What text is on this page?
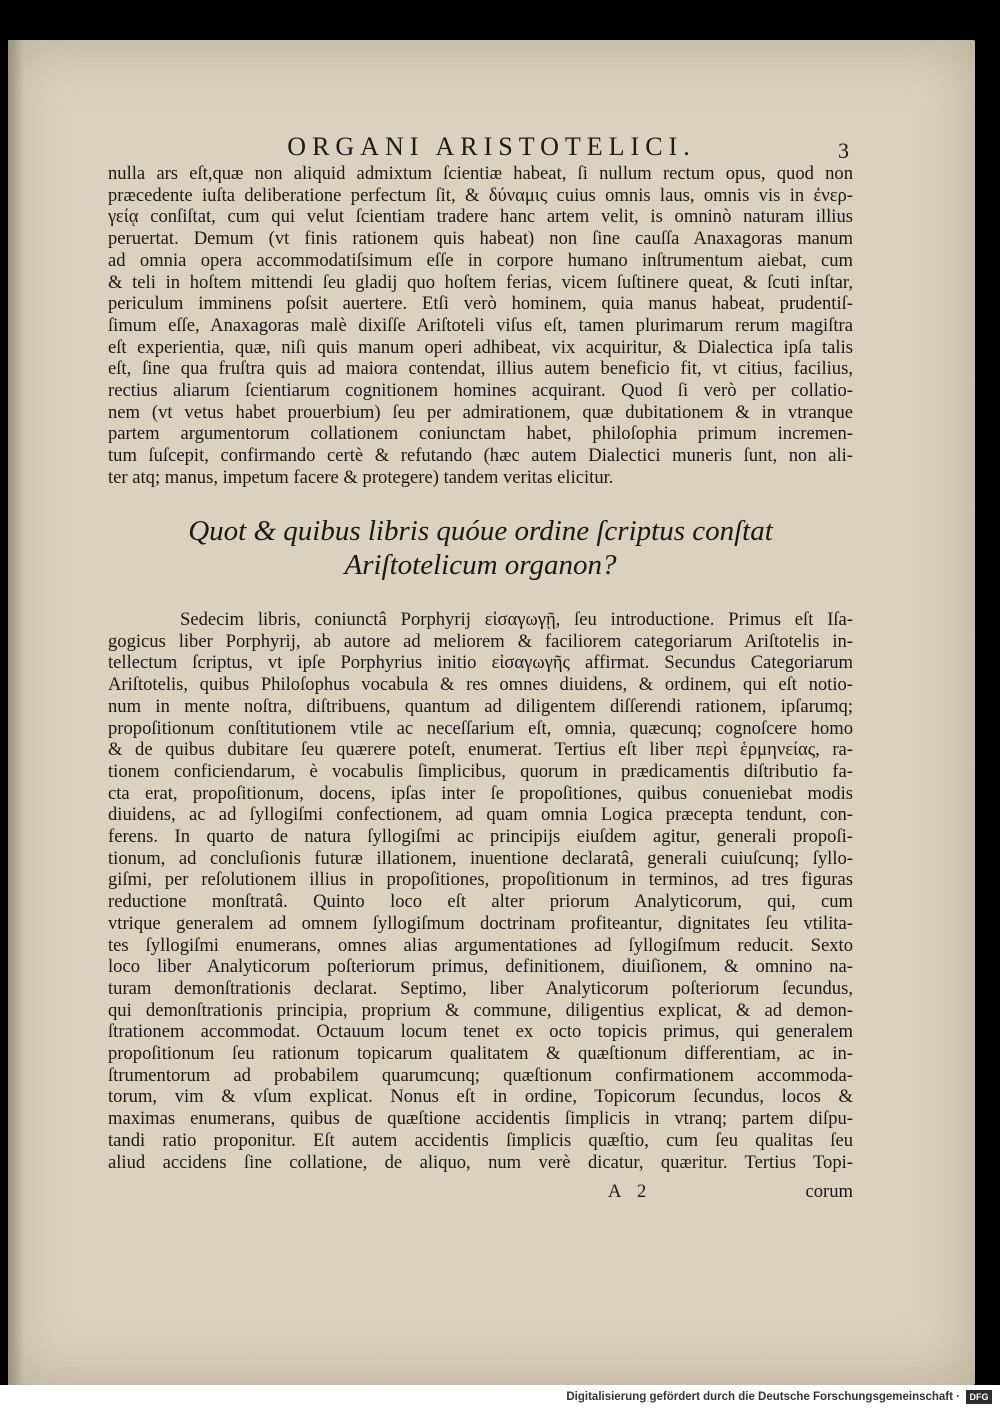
ORGANI ARISTOTELICI.	3

nulla ars eſt,quæ non aliquid admixtum ſcientiæ habeat, ſi nullum rectum opus, quod non
præcedente iuſta deliberatione perfectum ſit, & δύναμις cuius omnis laus, omnis vis in ἐνερ-
γείᾳ conſiſtat, cum qui velut ſcientiam tradere hanc artem velit, is omninò naturam illius
peruertat. Demum (vt finis rationem quis habeat) non ſine cauſſa Anaxagoras manum
ad omnia opera accommodatiſsimum eſſe in corpore humano inſtrumentum aiebat, cum
& teli in hoſtem mittendi ſeu gladij quo hoſtem ferias, vicem ſuſtinere queat, & ſcuti inſtar,
periculum imminens poſsit auertere. Etſi verò hominem, quia manus habeat, prudentiſ-
ſimum eſſe, Anaxagoras malè dixiſſe Ariſtoteli viſus eſt, tamen plurimarum rerum magiſtra
eſt experientia, quæ, niſi quis manum operi adhibeat, vix acquiritur, & Dialectica ipſa talis
eſt, ſine qua fruſtra quis ad maiora contendat, illius autem beneficio fit, vt citius, facilius,
rectius aliarum ſcientiarum cognitionem homines acquirant. Quod ſi verò per collatio-
nem (vt vetus habet prouerbium) ſeu per admirationem, quæ dubitationem & in vtranque
partem argumentorum collationem coniunctam habet, philoſophia primum incremen-
tum ſuſcepit, confirmando certè & refutando (hæc autem Dialectici muneris ſunt, non ali-
ter atq; manus, impetum facere & protegere) tandem veritas elicitur.

Quot & quibus libris quóue ordine ſcriptus conſtat
Ariſtotelicum organon?

Sedecim libris, coniunctâ Porphyrij εἰσαγωγῇ, ſeu introductione. Primus eſt Iſa-
gogicus liber Porphyrij, ab autore ad meliorem & faciliorem categoriarum Ariſtotelis in-
tellectum ſcriptus, vt ipſe Porphyrius initio εἰσαγωγῆς affirmat. Secundus Categoriarum
Ariſtotelis, quibus Philoſophus vocabula & res omnes diuidens, & ordinem, qui eſt notio-
num in mente noſtra, diſtribuens, quantum ad diligentem diſſerendi rationem, ipſarumq;
propoſitionum conſtitutionem vtile ac neceſſarium eſt, omnia, quæcunq; cognoſcere homo
& de quibus dubitare ſeu quærere poteſt, enumerat. Tertius eſt liber περὶ ἑρμηνείας, ra-
tionem conficiendarum, è vocabulis ſimplicibus, quorum in prædicamentis diſtributio fa-
cta erat, propoſitionum, docens, ipſas inter ſe propoſitiones, quibus conueniebat modis
diuidens, ac ad ſyllogiſmi confectionem, ad quam omnia Logica præcepta tendunt, con-
ferens. In quarto de natura ſyllogiſmi ac principijs eiuſdem agitur, generali propoſi-
tionum, ad concluſionis futuræ illationem, inuentione declaratâ, generali cuiuſcunq; ſyllo-
giſmi, per reſolutionem illius in propoſitiones, propoſitionum in terminos, ad tres figuras
reductione monſtratâ. Quinto loco eſt alter priorum Analyticorum, qui, cum
vtrique generalem ad omnem ſyllogiſmum doctrinam profiteantur, dignitates ſeu vtilita-
tes ſyllogiſmi enumerans, omnes alias argumentationes ad ſyllogiſmum reducit. Sexto
loco liber Analyticorum poſteriorum primus, definitionem, diuiſionem, & omnino na-
turam demonſtrationis declarat. Septimo, liber Analyticorum poſteriorum ſecundus,
qui demonſtrationis principia, proprium & commune, diligentius explicat, & ad demon-
ſtrationem accommodat. Octauum locum tenet ex octo topicis primus, qui generalem
propoſitionum ſeu rationum topicarum qualitatem & quæſtionum differentiam, ac in-
ſtrumentorum ad probabilem quarumcunq; quæſtionum confirmationem accommoda-
torum, vim & vſum explicat. Nonus eſt in ordine, Topicorum ſecundus, locos &
maximas enumerans, quibus de quæſtione accidentis ſimplicis in vtranq; partem diſpu-
tandi ratio proponitur. Eſt autem accidentis ſimplicis quæſtio, cum ſeu qualitas ſeu
aliud accidens ſine collatione, de aliquo, num verè dicatur, quæritur. Tertius Topi-

A 2	corum
Digitalisierung gefördert durch die Deutsche Forschungsgemeinschaft ·	DFG
